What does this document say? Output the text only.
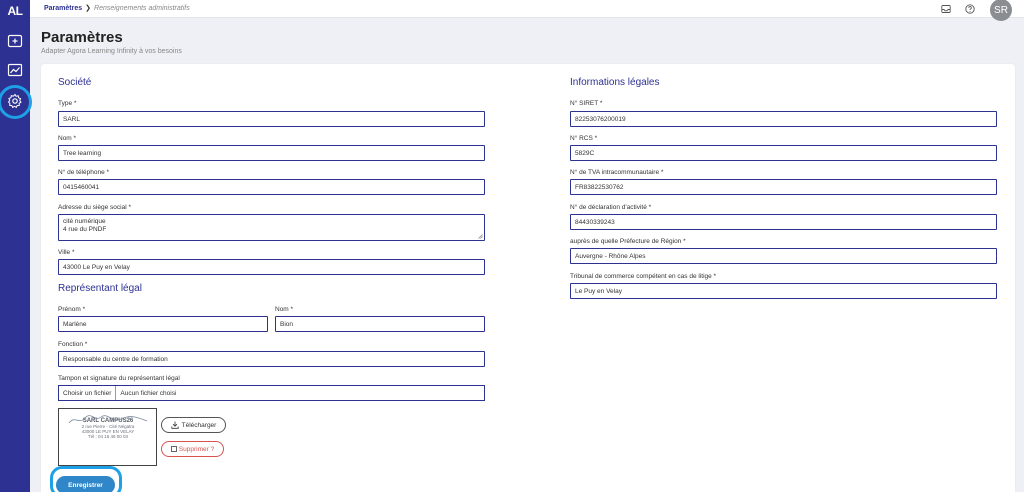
AL	Paramètres ❯ Renseignements administratifs	SR
Paramètres
Adapter Agora Learning Infinity à vos besoins
Société
Type *
SARL
Nom *
Tree learning
N° de téléphone *
0415460041
Adresse du siège social *
cité numérique
4 rue du PNDF
Ville *
43000 Le Puy en Velay
Représentant légal
Prénom *
Marlène
Nom *
Bion
Fonction *
Responsable du centre de formation
Tampon et signature du représentant légal
Choisir un fichier	Aucun fichier choisi
SARL CAMPUS26
2 rue Pierre - Cité Négatra
43000 LE PUY EN VELAY
Tél : 04 15 46 00 03
Télécharger
Supprimer ?
Informations légales
N° SIRET *
82253076200019
N° RCS *
5829C
N° de TVA intracommunautaire *
FR83822530762
N° de déclaration d'activité *
84430339243
auprès de quelle Préfecture de Région *
Auvergne - Rhône Alpes
Tribunal de commerce compétent en cas de litige *
Le Puy en Velay
Enregistrer
